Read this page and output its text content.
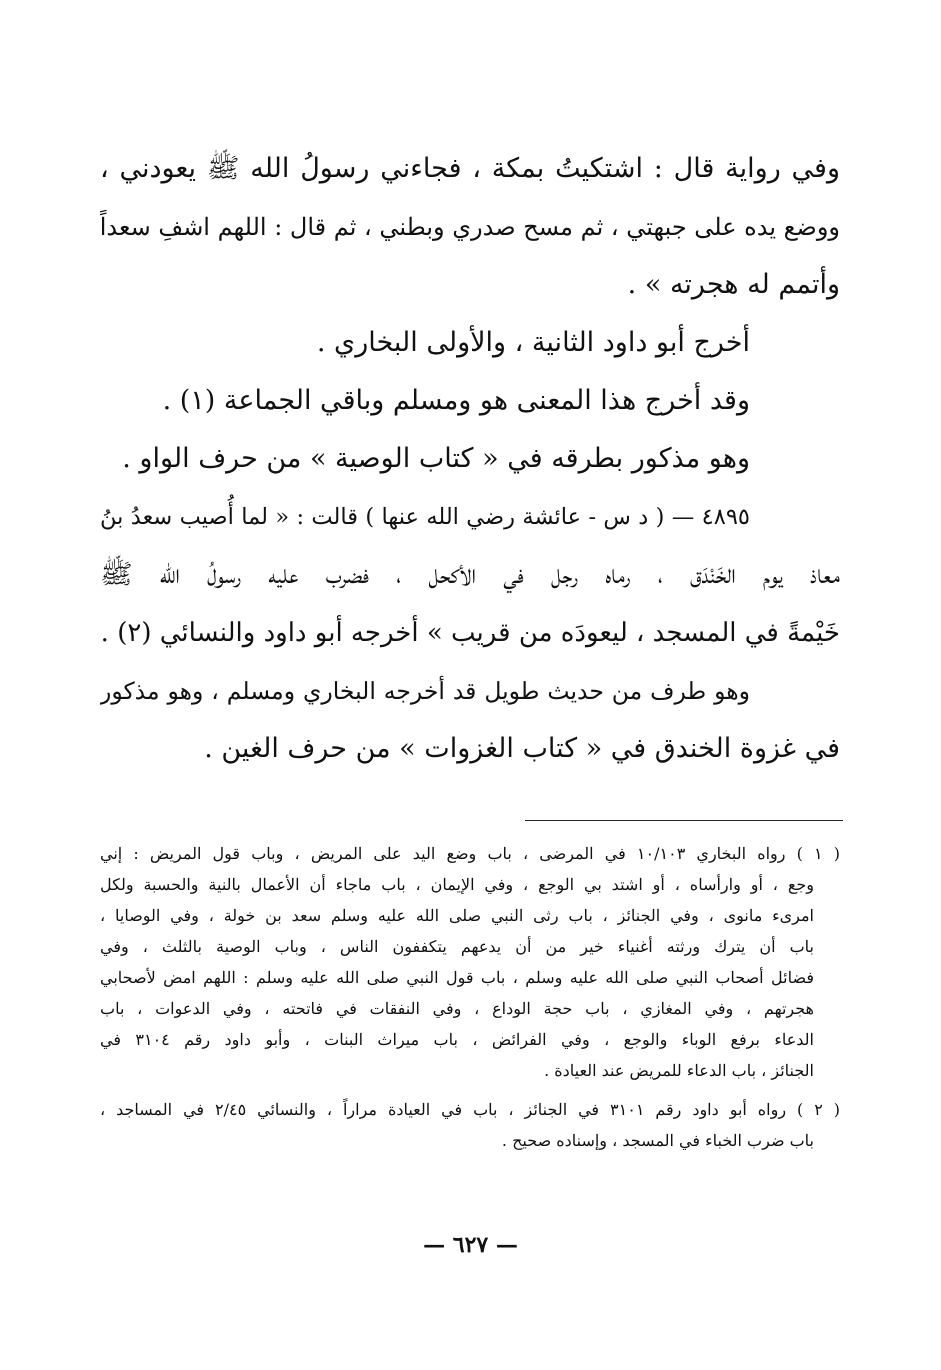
وفي رواية قال : اشتكيتُ بمكة ، فجاءني رسولُ الله ﷺ يعودني ،
ووضع يده على جبهتي ، ثم مسح صدري وبطني ، ثم قال : اللهم اشفِ سعداً
وأتمم له هجرته » .
أخرج أبو داود الثانية ، والأولى البخاري .
وقد أخرج هذا المعنى هو ومسلم وباقي الجماعة (١) .
وهو مذكور بطرقه في « كتاب الوصية » من حرف الواو .
٤٨٩٥ — ( د س - عائشة رضي الله عنها ) قالت : « لما أُصيب سعدُ بنُ
معاذ يوم الخَنْدَق ، رماه رجل في الأكحل ، فضرب عليه رسولُ الله ﷺ
خَيْمةً في المسجد ، ليعودَه من قريب » أخرجه أبو داود والنسائي (٢) .
وهو طرف من حديث طويل قد أخرجه البخاري ومسلم ، وهو مذكور
في غزوة الخندق في « كتاب الغزوات » من حرف الغين .
( ١ ) رواه البخاري ١٠/١٠٣ في المرضى ، باب وضع اليد على المريض ، وباب قول المريض : إني
وجع ، أو وارأساه ، أو اشتد بي الوجع ، وفي الإيمان ، باب ماجاء أن الأعمال بالنية والحسبة ولكل
امرىء مانوى ، وفي الجنائز ، باب رثى النبي صلى الله عليه وسلم سعد بن خولة ، وفي الوصايا ،
باب أن يترك ورثته أغنياء خير من أن يدعهم يتكففون الناس ، وباب الوصية بالثلث ، وفي
فضائل أصحاب النبي صلى الله عليه وسلم ، باب قول النبي صلى الله عليه وسلم : اللهم امض لأصحابي
هجرتهم ، وفي المغازي ، باب حجة الوداع ، وفي النفقات في فاتحته ، وفي الدعوات ، باب
الدعاء برفع الوباء والوجع ، وفي الفرائض ، باب ميراث البنات ، وأبو داود رقم ٣١٠٤ في
الجنائز ، باب الدعاء للمريض عند العيادة .
( ٢ ) رواه أبو داود رقم ٣١٠١ في الجنائز ، باب في العيادة مراراً ، والنسائي ٢/٤٥ في المساجد ،
باب ضرب الخباء في المسجد ، وإسناده صحيح .
— ٦٢٧ —
